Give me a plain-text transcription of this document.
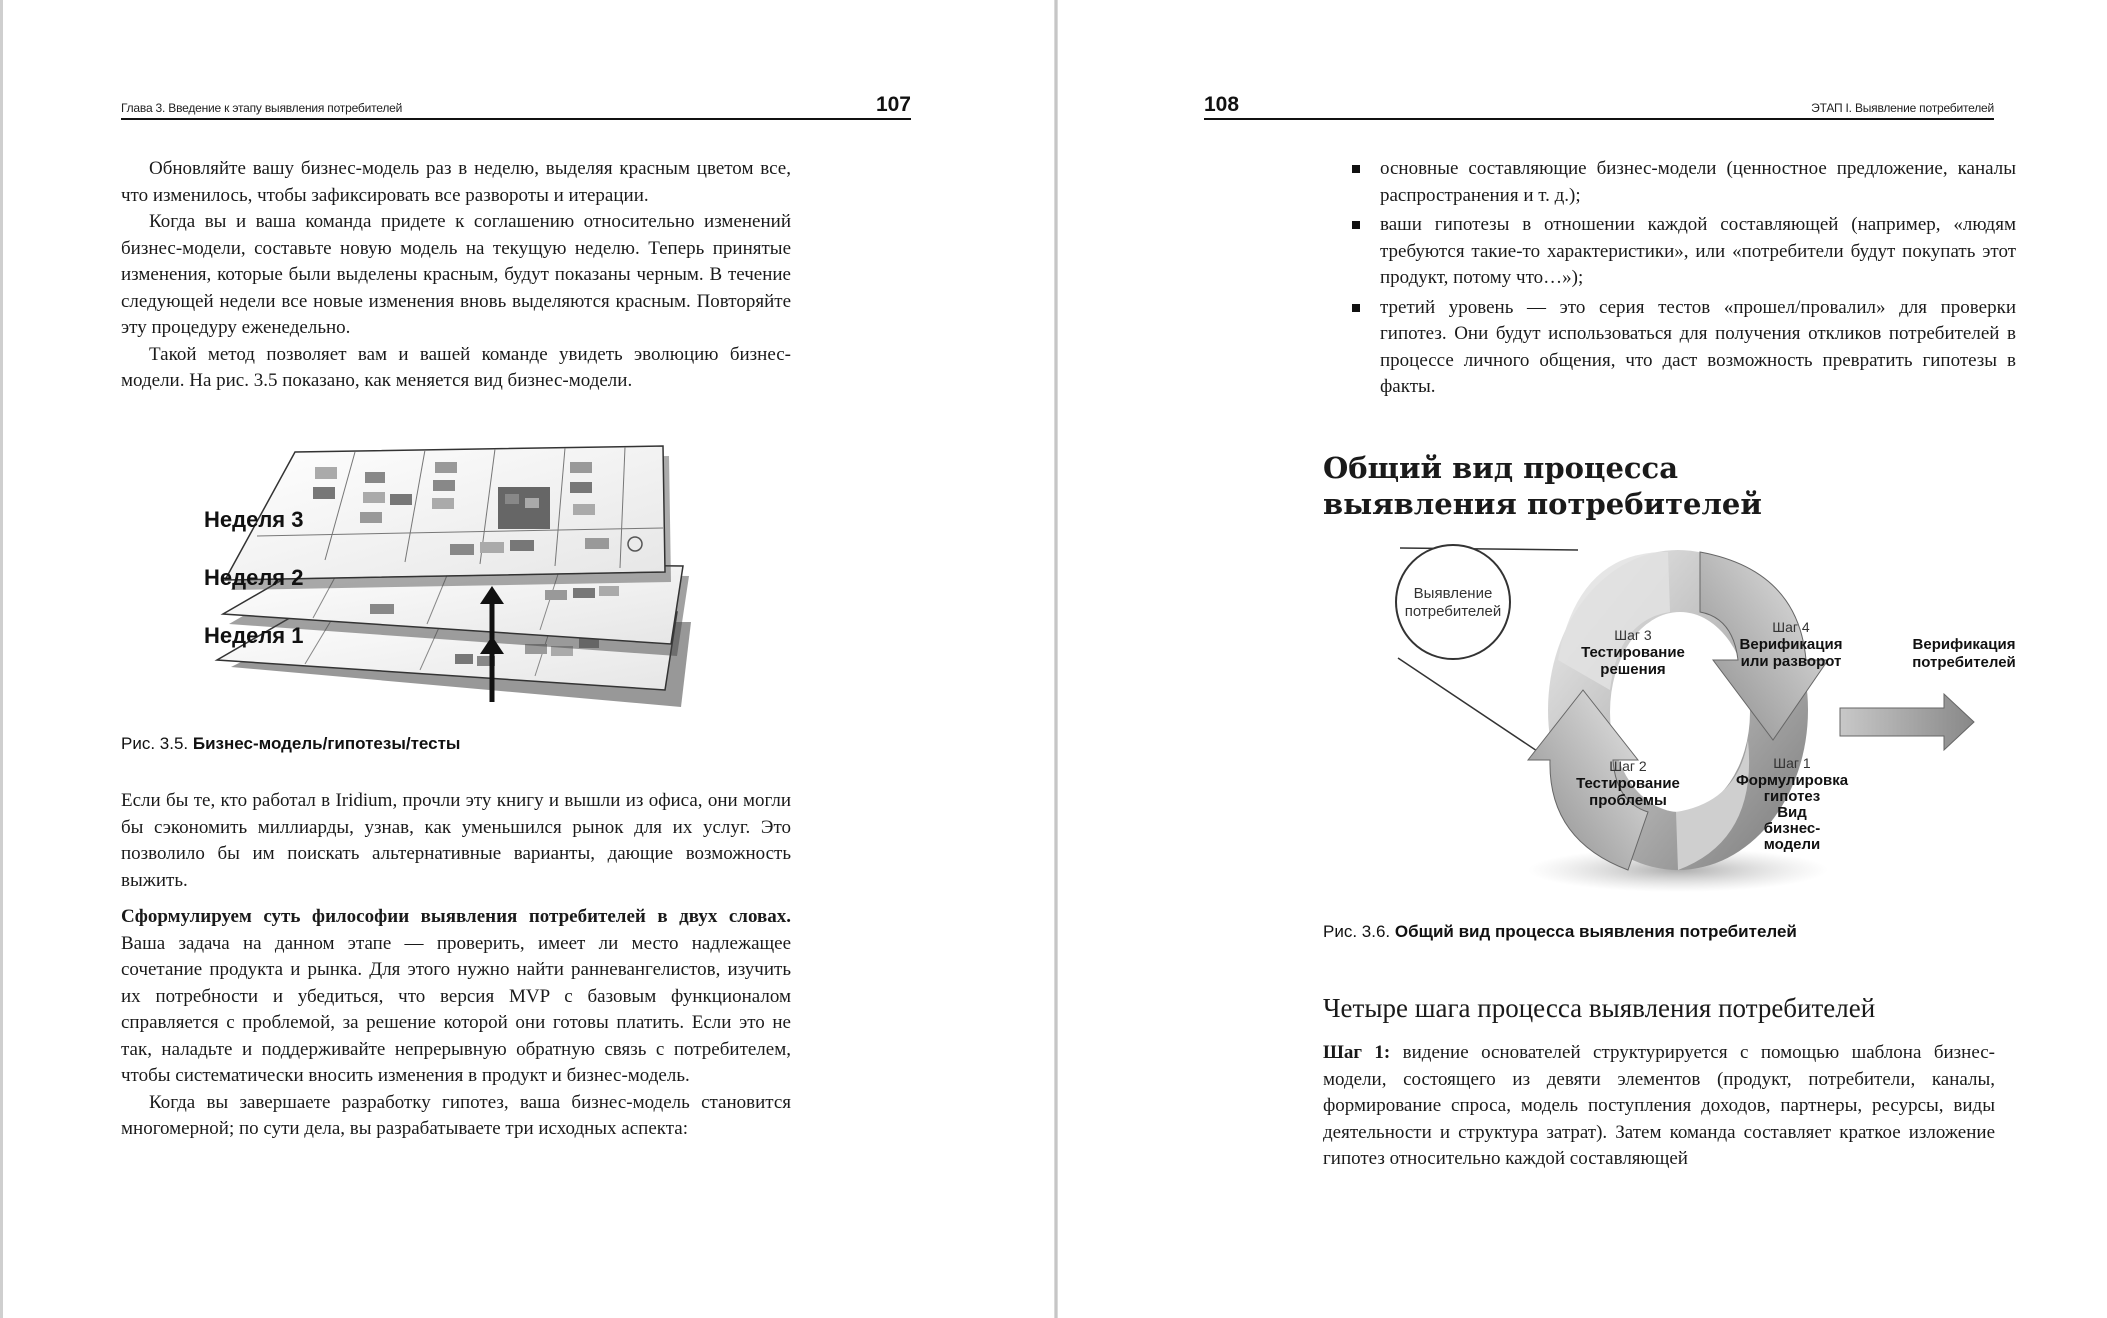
Глава 3. Введение к этапу выявления потребителей	107

Обновляйте вашу бизнес-модель раз в неделю, выделяя красным цветом все, что изменилось, чтобы зафиксировать все развороты и итерации.

Когда вы и ваша команда придете к соглашению относительно изменений бизнес-модели, составьте новую модель на текущую неделю. Теперь принятые изменения, которые были выделены красным, будут показаны черным. В течение следующей недели все новые изменения вновь выделяются красным. Повторяйте эту процедуру еженедельно.

Такой метод позволяет вам и вашей команде увидеть эволюцию бизнес-модели. На рис. 3.5 показано, как меняется вид бизнес-модели.

Неделя 3
Неделя 2
Неделя 1
Рис. 3.5. Бизнес-модель/гипотезы/тесты

Если бы те, кто работал в Iridium, прочли эту книгу и вышли из офиса, они могли бы сэкономить миллиарды, узнав, как уменьшился рынок для их услуг. Это позволило бы им поискать альтернативные варианты, дающие возможность выжить.

Сформулируем суть философии выявления потребителей в двух словах. Ваша задача на данном этапе — проверить, имеет ли место надлежащее сочетание продукта и рынка. Для этого нужно найти ранневангелистов, изучить их потребности и убедиться, что версия MVP с базовым функционалом справляется с проблемой, за решение которой они готовы платить. Если это не так, наладьте и поддерживайте непрерывную обратную связь с потребителем, чтобы систематически вносить изменения в продукт и бизнес-модель.

Когда вы завершаете разработку гипотез, ваша бизнес-модель становится многомерной; по сути дела, вы разрабатываете три исходных аспекта:

108	ЭТАП I. Выявление потребителей
основные составляющие бизнес-модели (ценностное предложение, каналы распространения и т. д.);
ваши гипотезы в отношении каждой составляющей (например, «людям требуются такие-то характеристики», или «потребители будут покупать этот продукт, потому что…»);
третий уровень — это серия тестов «прошел/провалил» для проверки гипотез. Они будут использоваться для получения откликов потребителей в процессе личного общения, что даст возможность превратить гипотезы в факты.
Общий вид процесса
выявления потребителей
Выявление
потребителей
Шаг 3
Тестирование
решения
Шаг 4
Верификация
или разворот
Шаг 2
Тестирование
проблемы
Шаг 1
Формулировка
гипотез
Вид
бизнес-
модели
Верификация
потребителей
Рис. 3.6. Общий вид процесса выявления потребителей
Четыре шага процесса выявления потребителей

Шаг 1: видение основателей структурируется с помощью шаблона бизнес-модели, состоящего из девяти элементов (продукт, потребители, каналы, формирование спроса, модель поступления доходов, партнеры, ресурсы, виды деятельности и структура затрат). Затем команда составляет краткое изложение гипотез относительно каждой составляющей
